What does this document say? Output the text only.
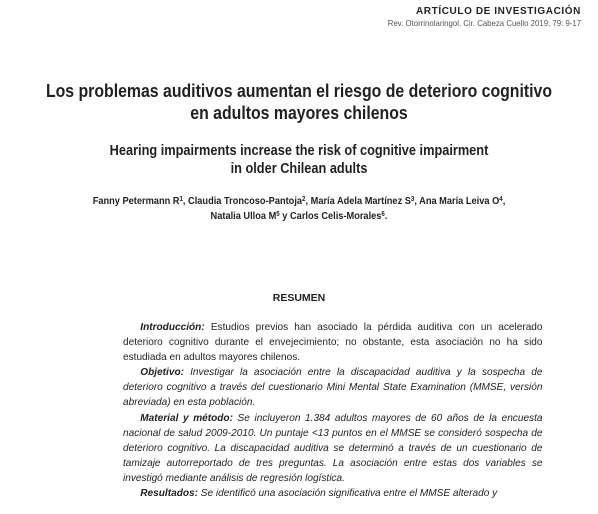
ARTÍCULO DE INVESTIGACIÓN
Rev. Otorrinolaringol. Cir. Cabeza Cuello 2019; 79: 9-17
Los problemas auditivos aumentan el riesgo de deterioro cognitivo
en adultos mayores chilenos
Hearing impairments increase the risk of cognitive impairment
in older Chilean adults
Fanny Petermann $R^1$, Claudia Troncoso-Pantoja$^2$, María Adela Martínez $S^3$, Ana María Leiva $O^4$,
Natalia Ulloa $M^5$ y Carlos Celis-Morales$^6$.
RESUMEN

Introducción: Estudios previos han asociado la pérdida auditiva con un acelerado deterioro cognitivo durante el envejecimiento; no obstante, esta asociación no ha sido estudiada en adultos mayores chilenos.

Objetivo: Investigar la asociación entre la discapacidad auditiva y la sospecha de deterioro cognitivo a través del cuestionario Mini Mental State Examination (MMSE, versión abreviada) en esta población.

Material y método: Se incluyeron 1.384 adultos mayores de 60 años de la encuesta nacional de salud 2009-2010. Un puntaje <13 puntos en el MMSE se consideró sospecha de deterioro cognitivo. La discapacidad auditiva se determinó a través de un cuestionario de tamizaje autorreportado de tres preguntas. La asociación entre estas dos variables se investigó mediante análisis de regresión logística.

Resultados: Se identificó una asociación significativa entre el MMSE alterado y
